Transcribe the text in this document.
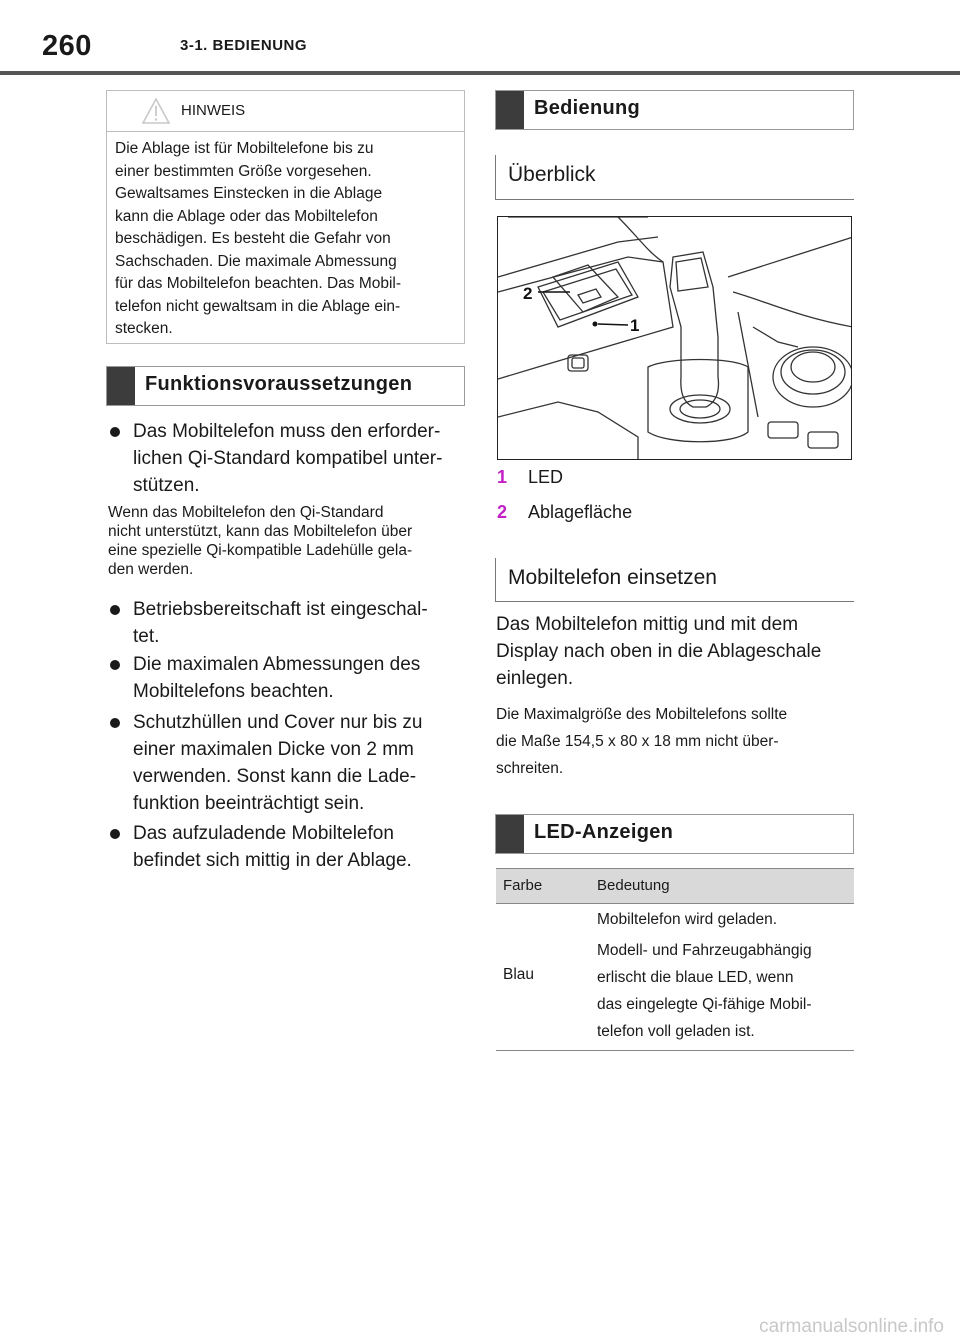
260	3-1. BEDIENUNG
HINWEIS
Die Ablage ist für Mobiltelefone bis zu
einer bestimmten Größe vorgesehen.
Gewaltsames Einstecken in die Ablage
kann die Ablage oder das Mobiltelefon
beschädigen. Es besteht die Gefahr von
Sachschaden. Die maximale Abmessung
für das Mobiltelefon beachten. Das Mobil-
telefon nicht gewaltsam in die Ablage ein-
stecken.
Funktionsvoraussetzungen
Das Mobiltelefon muss den erforder-
lichen Qi-Standard kompatibel unter-
stützen.
Wenn das Mobiltelefon den Qi-Standard
nicht unterstützt, kann das Mobiltelefon über
eine spezielle Qi-kompatible Ladehülle gela-
den werden.
Betriebsbereitschaft ist eingeschal-
tet.
Die maximalen Abmessungen des
Mobiltelefons beachten.
Schutzhüllen und Cover nur bis zu
einer maximalen Dicke von 2 mm
verwenden. Sonst kann die Lade-
funktion beeinträchtigt sein.
Das aufzuladende Mobiltelefon
befindet sich mittig in der Ablage.
Bedienung
Überblick
2
1
1 LED
2 Ablagefläche
Mobiltelefon einsetzen
Das Mobiltelefon mittig und mit dem
Display nach oben in die Ablageschale
einlegen.
Die Maximalgröße des Mobiltelefons sollte
die Maße 154,5 x 80 x 18 mm nicht über-
schreiten.
LED-Anzeigen
Farbe	Bedeutung
Blau
Mobiltelefon wird geladen.
Modell- und Fahrzeugabhängig
erlischt die blaue LED, wenn
das eingelegte Qi-fähige Mobil-
telefon voll geladen ist.
carmanualsonline.info
